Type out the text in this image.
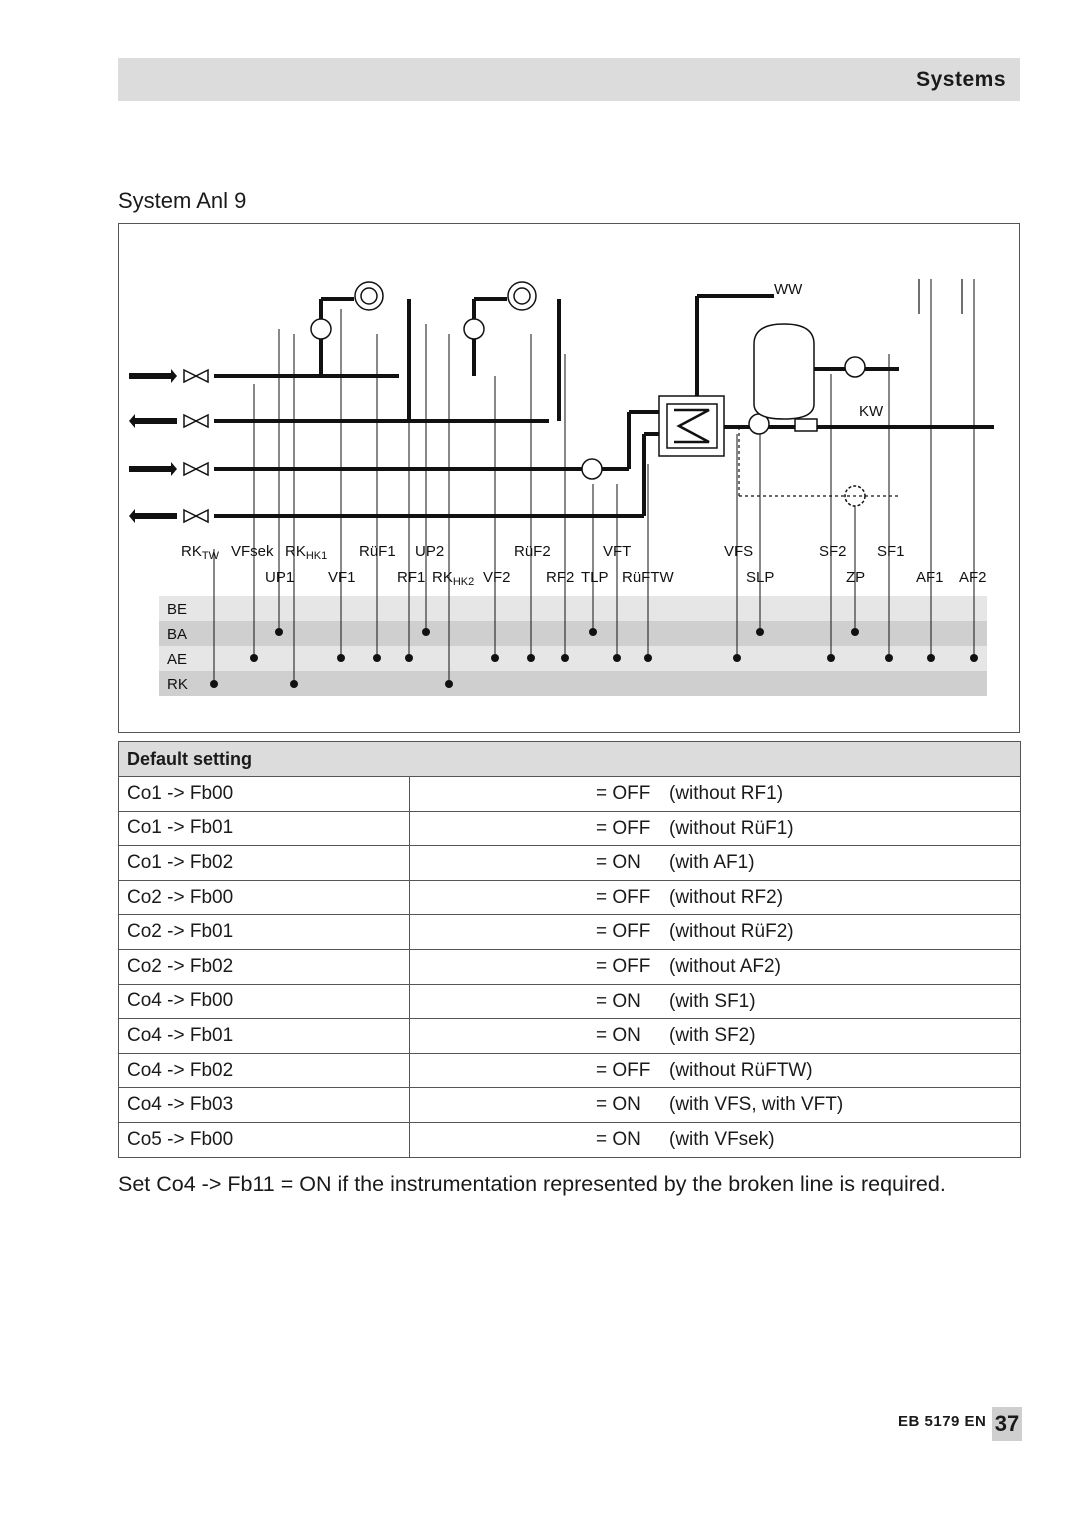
Systems
System Anl 9
WW
KW
$RK_{TW}$ VFsek $RK_{HK1}$ RüF1 UP2	RüF2	VFT	VFS	SF2 SF1
UP1 VF1	RF1 $RK_{HK2}$ VF2 RF2 TLP RüFTW	SLP	ZP	AF1 AF2
BE
BA
AE
RK
Default setting	
Co1 -> Fb00	= OFF (without RF1)

Co1 -> Fb01	= OFF (without RüF1)

Co1 -> Fb02	= ON (with AF1)

Co2 -> Fb00	= OFF (without RF2)

Co2 -> Fb01	= OFF (without RüF2)

Co2 -> Fb02	= OFF (without AF2)

Co4 -> Fb00	= ON (with SF1)

Co4 -> Fb01	= ON (with SF2)

Co4 -> Fb02	= OFF (without RüFTW)

Co4 -> Fb03	= ON (with VFS, with VFT)

Co5 -> Fb00	= ON (with VFsek)
Set Co4 -> Fb11 = ON if the instrumentation represented by the broken line is required.
EB 5179 EN 37
